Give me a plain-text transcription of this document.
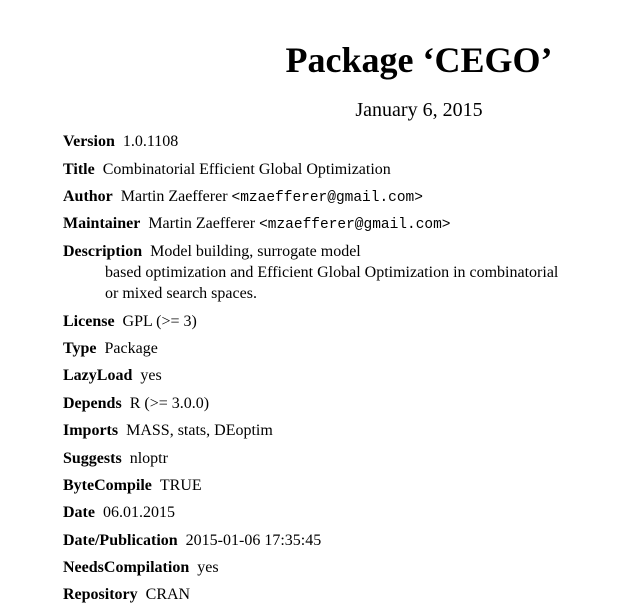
Package ‘CEGO’
January 6, 2015
Version 1.0.1108
Title Combinatorial Efficient Global Optimization
Author Martin Zaefferer <mzaefferer@gmail.com>
Maintainer Martin Zaefferer <mzaefferer@gmail.com>
Description Model building, surrogate model
based optimization and Efficient Global Optimization in combinatorial
or mixed search spaces.
License GPL (>= 3)
Type Package
LazyLoad yes
Depends R (>= 3.0.0)
Imports MASS, stats, DEoptim
Suggests nloptr
ByteCompile TRUE
Date 06.01.2015
Date/Publication 2015-01-06 17:35:45
NeedsCompilation yes
Repository CRAN
